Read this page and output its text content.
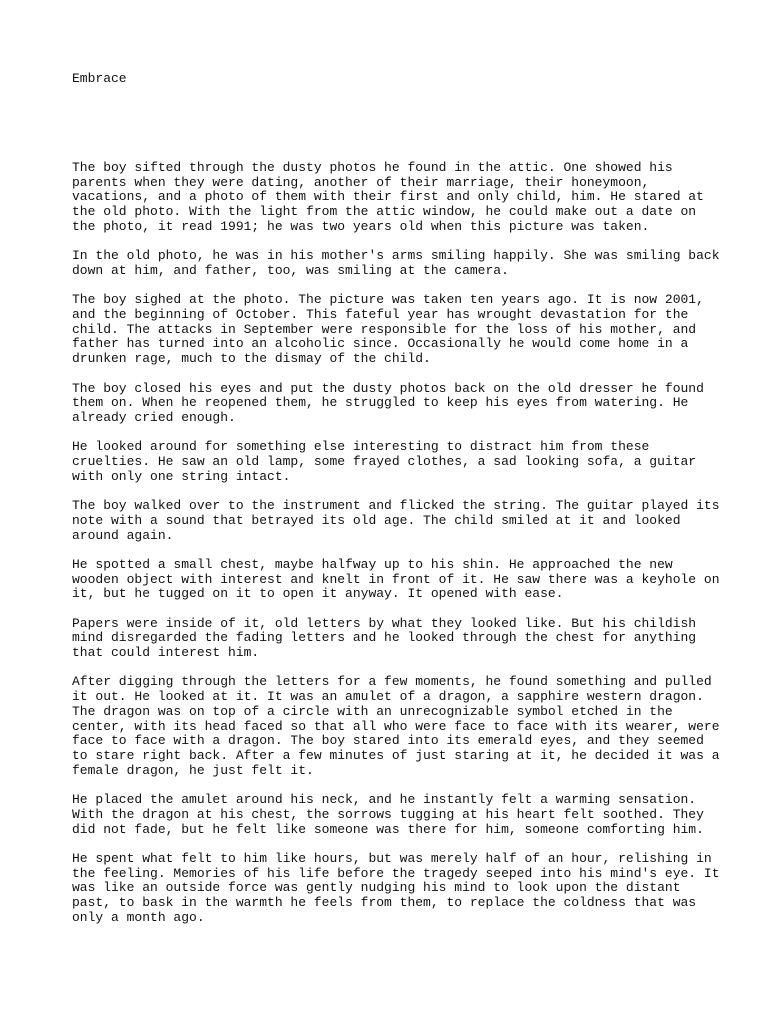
Embrace

The boy sifted through the dusty photos he found in the attic. One showed his
parents when they were dating, another of their marriage, their honeymoon,
vacations, and a photo of them with their first and only child, him. He stared at
the old photo. With the light from the attic window, he could make out a date on
the photo, it read 1991; he was two years old when this picture was taken.

In the old photo, he was in his mother's arms smiling happily. She was smiling back
down at him, and father, too, was smiling at the camera.

The boy sighed at the photo. The picture was taken ten years ago. It is now 2001,
and the beginning of October. This fateful year has wrought devastation for the
child. The attacks in September were responsible for the loss of his mother, and
father has turned into an alcoholic since. Occasionally he would come home in a
drunken rage, much to the dismay of the child.

The boy closed his eyes and put the dusty photos back on the old dresser he found
them on. When he reopened them, he struggled to keep his eyes from watering. He
already cried enough.

He looked around for something else interesting to distract him from these
cruelties. He saw an old lamp, some frayed clothes, a sad looking sofa, a guitar
with only one string intact.

The boy walked over to the instrument and flicked the string. The guitar played its
note with a sound that betrayed its old age. The child smiled at it and looked
around again.

He spotted a small chest, maybe halfway up to his shin. He approached the new
wooden object with interest and knelt in front of it. He saw there was a keyhole on
it, but he tugged on it to open it anyway. It opened with ease.

Papers were inside of it, old letters by what they looked like. But his childish
mind disregarded the fading letters and he looked through the chest for anything
that could interest him.

After digging through the letters for a few moments, he found something and pulled
it out. He looked at it. It was an amulet of a dragon, a sapphire western dragon.
The dragon was on top of a circle with an unrecognizable symbol etched in the
center, with its head faced so that all who were face to face with its wearer, were
face to face with a dragon. The boy stared into its emerald eyes, and they seemed
to stare right back. After a few minutes of just staring at it, he decided it was a
female dragon, he just felt it.

He placed the amulet around his neck, and he instantly felt a warming sensation.
With the dragon at his chest, the sorrows tugging at his heart felt soothed. They
did not fade, but he felt like someone was there for him, someone comforting him.

He spent what felt to him like hours, but was merely half of an hour, relishing in
the feeling. Memories of his life before the tragedy seeped into his mind's eye. It
was like an outside force was gently nudging his mind to look upon the distant
past, to bask in the warmth he feels from them, to replace the coldness that was
only a month ago.
